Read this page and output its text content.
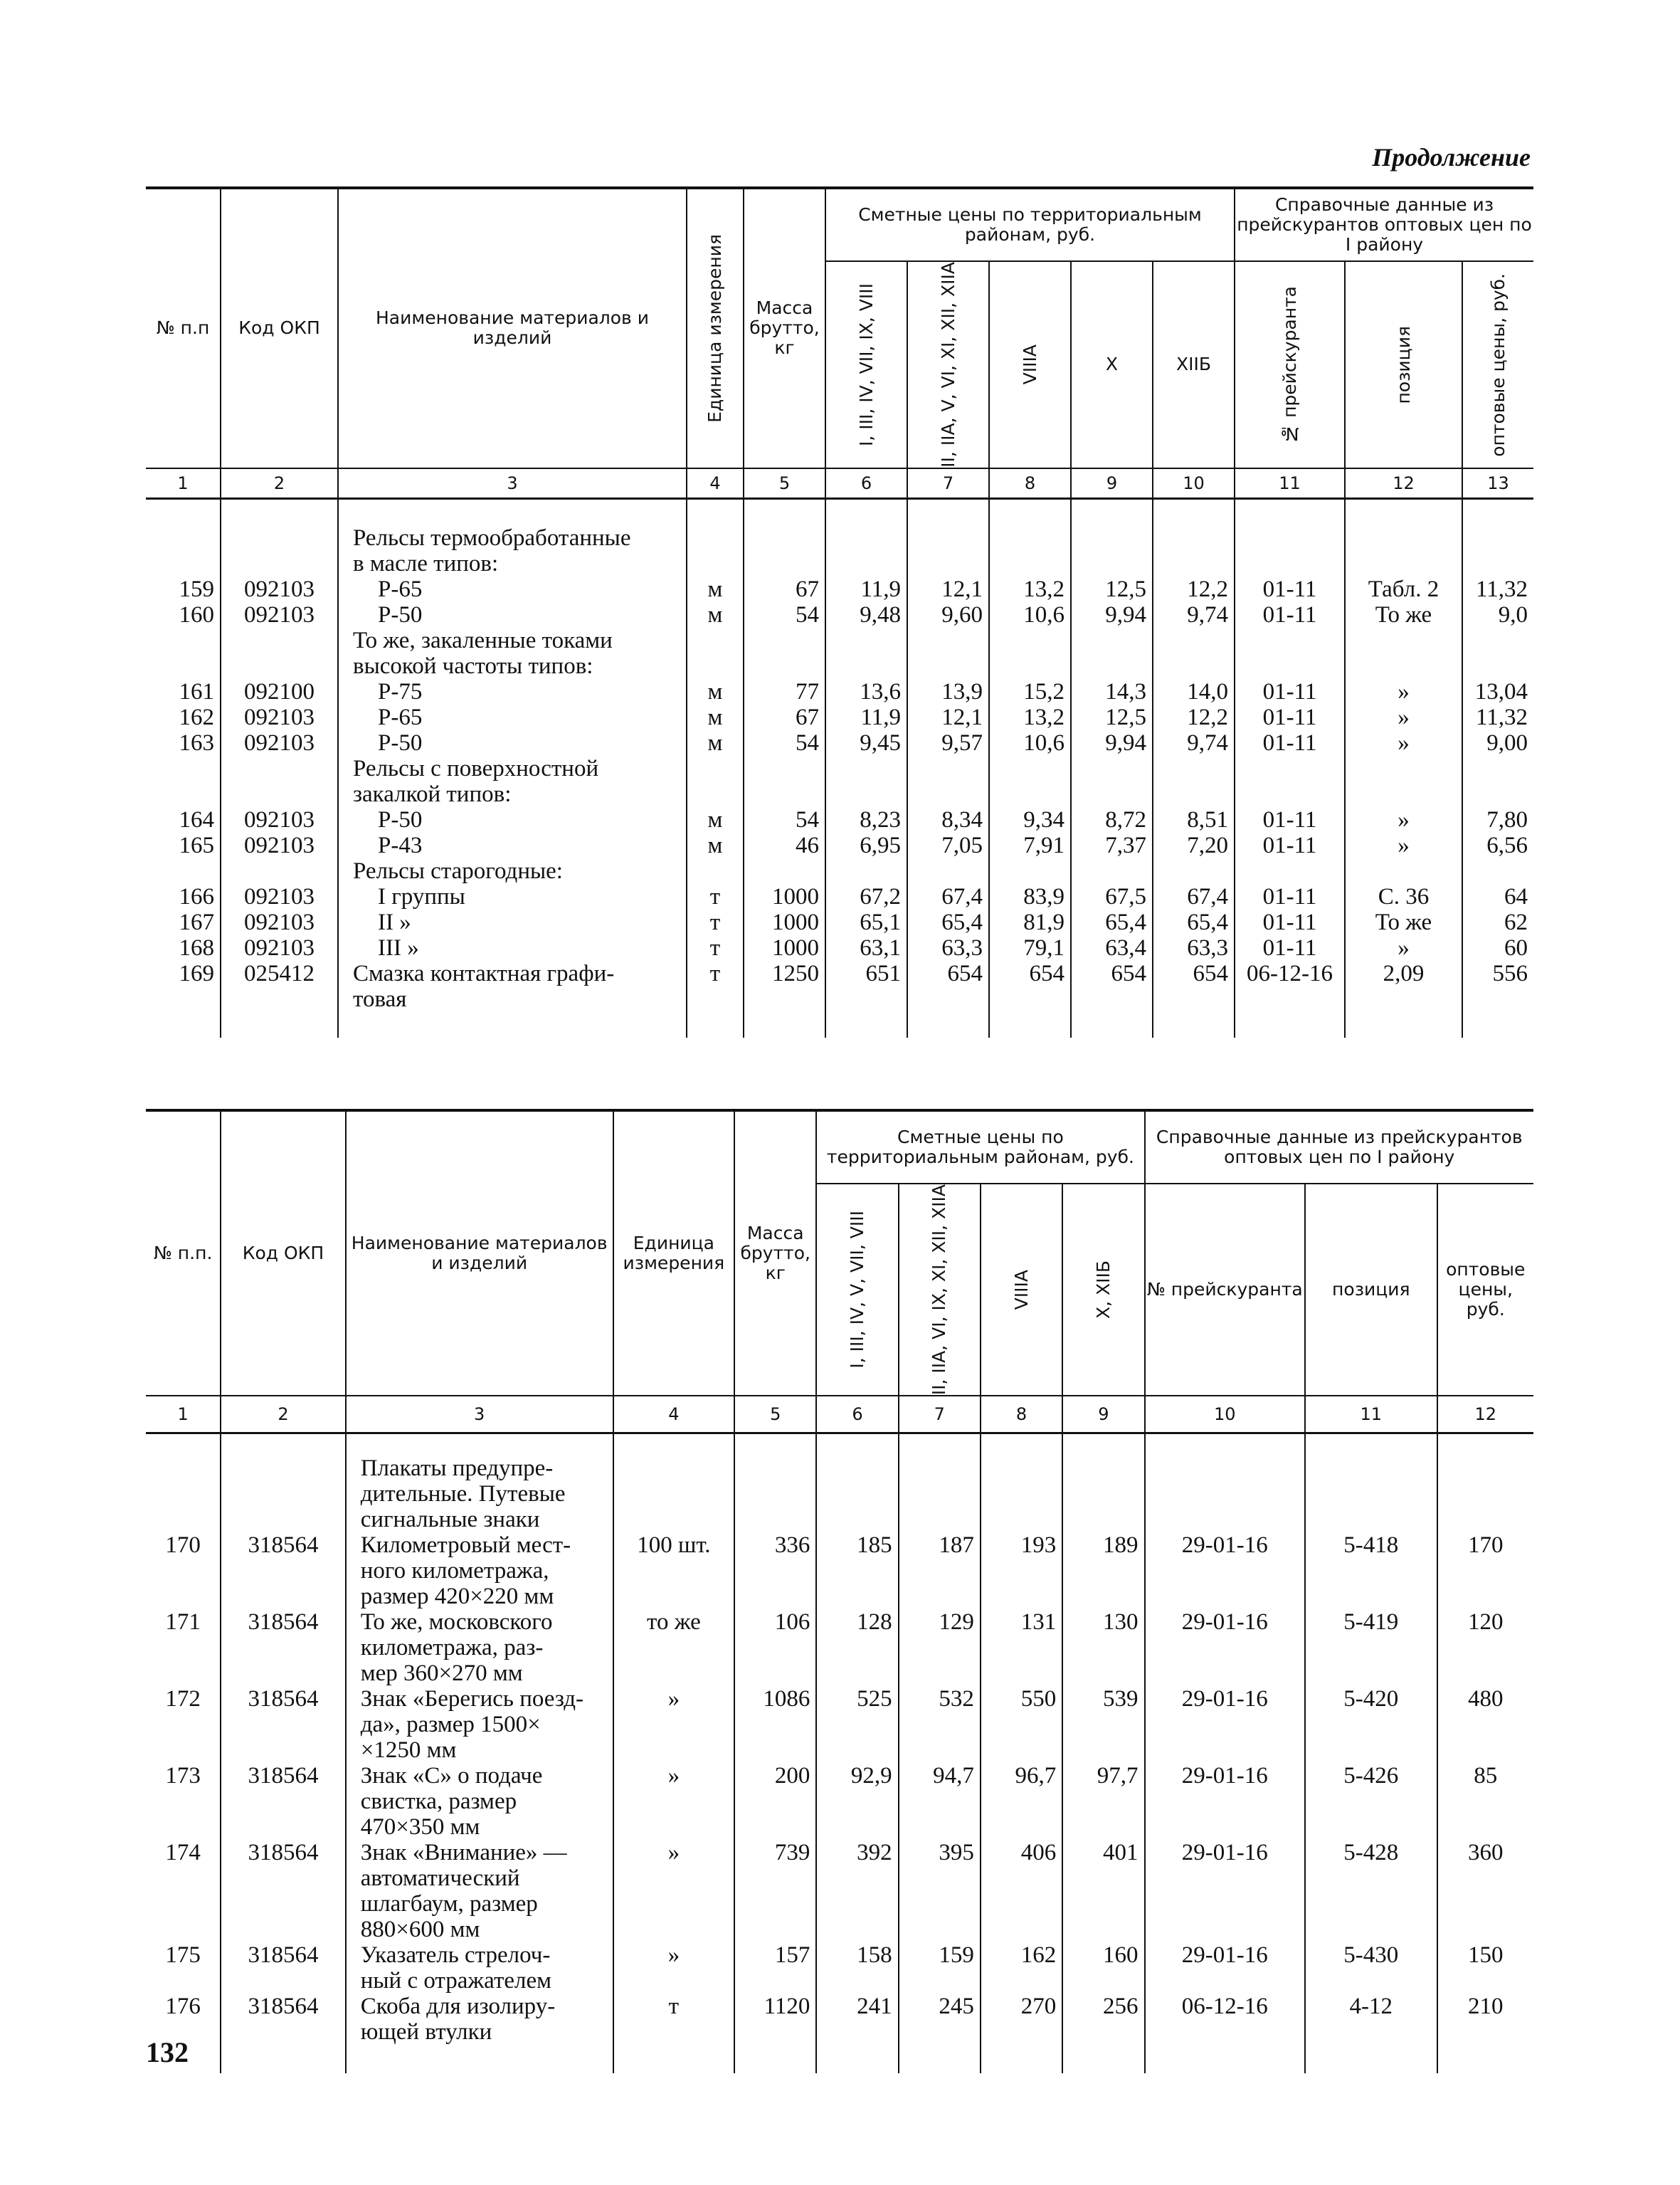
Продолжение
№ п.п	Код ОКП	Наименование материалов и изделий	Единица измерения	Масса брутто, кг	Сметные цены по территориальным районам, руб.					Справочные данные из прейскурантов оптовых цен по I району		

					I, III, IV, VII, IX, VIII	II, IIA, V, VI, XI, XII, XIIA	VIIIA	X	XIIБ	№ прейскуранта	позиция	оптовые цены, руб.

1	2	3	4	5	6	7	8	9	10	11	12	13

		Рельсы термообработанные										
		в масле типов:										
159	092103	Р-65	м	67	11,9	12,1	13,2	12,5	12,2	01-11	Табл. 2	11,32
160	092103	Р-50	м	54	9,48	9,60	10,6	9,94	9,74	01-11	То же	9,0
		То же, закаленные токами										
		высокой частоты типов:										
161	092100	Р-75	м	77	13,6	13,9	15,2	14,3	14,0	01-11	»	13,04
162	092103	Р-65	м	67	11,9	12,1	13,2	12,5	12,2	01-11	»	11,32
163	092103	Р-50	м	54	9,45	9,57	10,6	9,94	9,74	01-11	»	9,00
		Рельсы с поверхностной										
		закалкой типов:										
164	092103	Р-50	м	54	8,23	8,34	9,34	8,72	8,51	01-11	»	7,80
165	092103	Р-43	м	46	6,95	7,05	7,91	7,37	7,20	01-11	»	6,56
		Рельсы старогодные:										
166	092103	I группы	т	1000	67,2	67,4	83,9	67,5	67,4	01-11	С. 36	64
167	092103	II »	т	1000	65,1	65,4	81,9	65,4	65,4	01-11	То же	62
168	092103	III »	т	1000	63,1	63,3	79,1	63,4	63,3	01-11	»	60
169	025412	Смазка контактная графи-	т	1250	651	654	654	654	654	06-12-16	2,09	556
		товая										

№ п.п.	Код ОКП	Наименование материалов и изделий	Единица измерения	Масса брутто, кг	Сметные цены по территориальным районам, руб.				Справочные данные из прейскурантов оптовых цен по I району		

					I, III, IV, V, VII, VIII	II, IIA, VI, IX, XI, XII, XIIA	VIIIA	X, XIIБ	№ прейскуранта	позиция	оптовые цены, руб.
1	2	3	4	5	6	7	8	9	10	11	12

		Плакаты предупре-									
		дительные. Путевые									
		сигнальные знаки									
170	318564	Километровый мест-	100 шт.	336	185	187	193	189	29-01-16	5-418	170
		ного километража,									
		размер 420×220 мм									
171	318564	То же, московского	то же	106	128	129	131	130	29-01-16	5-419	120
		километража, раз-									
		мер 360×270 мм									
172	318564	Знак «Берегись поезд-	»	1086	525	532	550	539	29-01-16	5-420	480
		да», размер 1500×									
		×1250 мм									
173	318564	Знак «С» о подаче	»	200	92,9	94,7	96,7	97,7	29-01-16	5-426	85
		свистка, размер									
		470×350 мм									
174	318564	Знак «Внимание» —	»	739	392	395	406	401	29-01-16	5-428	360
		автоматический									
		шлагбаум, размер									
		880×600 мм									
175	318564	Указатель стрелоч-	»	157	158	159	162	160	29-01-16	5-430	150
		ный с отражателем									
176	318564	Скоба для изолиру-	т	1120	241	245	270	256	06-12-16	4-12	210
		ющей втулки									

132
